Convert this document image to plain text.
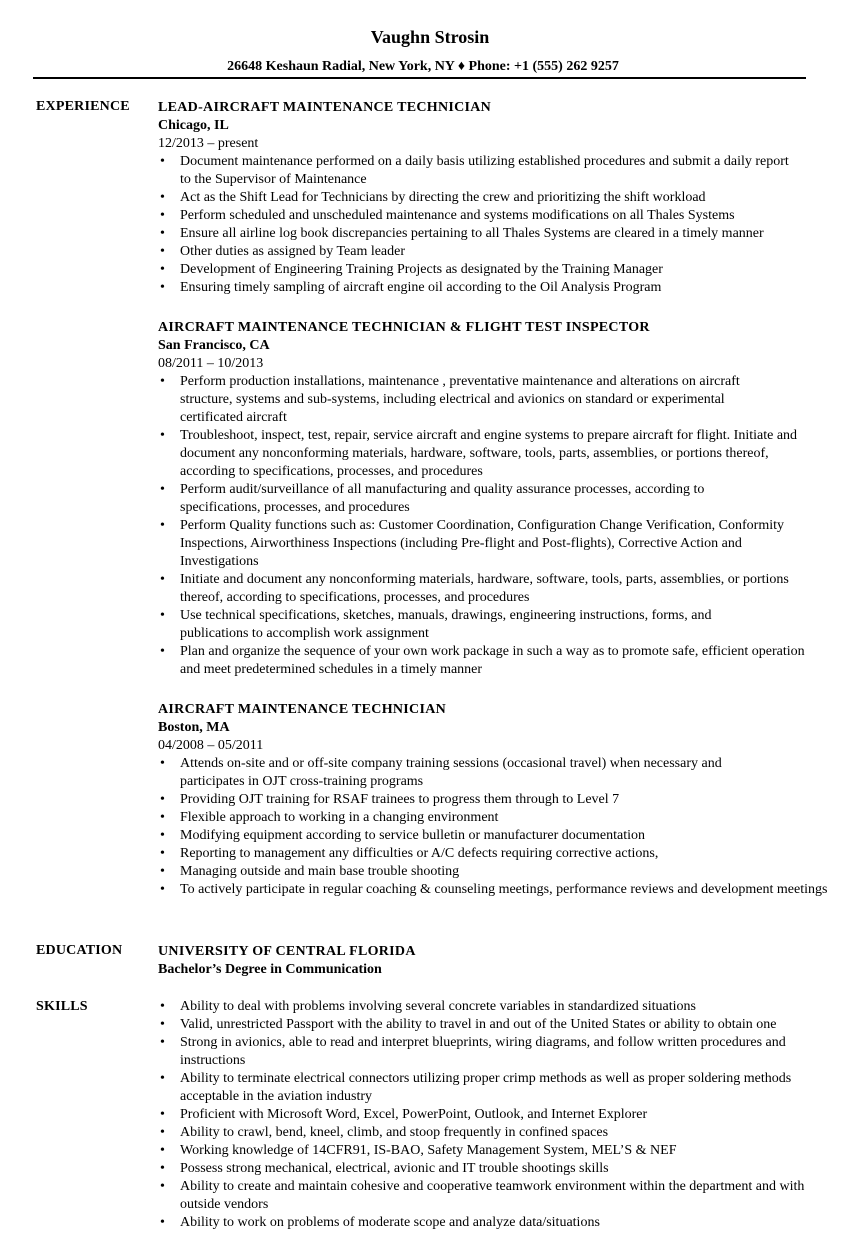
Vaughn Strosin
26648 Keshaun Radial, New York, NY ♦ Phone: +1 (555) 262 9257
EXPERIENCE LEAD-AIRCRAFT MAINTENANCE TECHNICIAN
Chicago, IL
12/2013 – present
• Document maintenance performed on a daily basis utilizing established procedures and submit a daily report to the Supervisor of Maintenance
• Act as the Shift Lead for Technicians by directing the crew and prioritizing the shift workload
• Perform scheduled and unscheduled maintenance and systems modifications on all Thales Systems
• Ensure all airline log book discrepancies pertaining to all Thales Systems are cleared in a timely manner
• Other duties as assigned by Team leader
• Development of Engineering Training Projects as designated by the Training Manager
• Ensuring timely sampling of aircraft engine oil according to the Oil Analysis Program
AIRCRAFT MAINTENANCE TECHNICIAN & FLIGHT TEST INSPECTOR
San Francisco, CA
08/2011 – 10/2013
• Perform production installations, maintenance , preventative maintenance and alterations on aircraft structure, systems and sub-systems, including electrical and avionics on standard or experimental certificated aircraft
• Troubleshoot, inspect, test, repair, service aircraft and engine systems to prepare aircraft for flight. Initiate and document any nonconforming materials, hardware, software, tools, parts, assemblies, or portions thereof, according to specifications, processes, and procedures
• Perform audit/surveillance of all manufacturing and quality assurance processes, according to specifications, processes, and procedures
• Perform Quality functions such as: Customer Coordination, Configuration Change Verification, Conformity Inspections, Airworthiness Inspections (including Pre-flight and Post-flights), Corrective Action and Investigations
• Initiate and document any nonconforming materials, hardware, software, tools, parts, assemblies, or portions thereof, according to specifications, processes, and procedures
• Use technical specifications, sketches, manuals, drawings, engineering instructions, forms, and publications to accomplish work assignment
• Plan and organize the sequence of your own work package in such a way as to promote safe, efficient operation and meet predetermined schedules in a timely manner
AIRCRAFT MAINTENANCE TECHNICIAN
Boston, MA
04/2008 – 05/2011
• Attends on-site and or off-site company training sessions (occasional travel) when necessary and participates in OJT cross-training programs
• Providing OJT training for RSAF trainees to progress them through to Level 7
• Flexible approach to working in a changing environment
• Modifying equipment according to service bulletin or manufacturer documentation
• Reporting to management any difficulties or A/C defects requiring corrective actions,
• Managing outside and main base trouble shooting
• To actively participate in regular coaching & counseling meetings, performance reviews and development meetings
EDUCATION	UNIVERSITY OF CENTRAL FLORIDA
Bachelor’s Degree in Communication
SKILLS
•	Ability to deal with problems involving several concrete variables in standardized situations
• Valid, unrestricted Passport with the ability to travel in and out of the United States or ability to obtain one
• Strong in avionics, able to read and interpret blueprints, wiring diagrams, and follow written procedures and instructions
• Ability to terminate electrical connectors utilizing proper crimp methods as well as proper soldering methods acceptable in the aviation industry
• Proficient with Microsoft Word, Excel, PowerPoint, Outlook, and Internet Explorer
• Ability to crawl, bend, kneel, climb, and stoop frequently in confined spaces
• Working knowledge of 14CFR91, IS-BAO, Safety Management System, MEL’S & NEF
• Possess strong mechanical, electrical, avionic and IT trouble shootings skills
• Ability to create and maintain cohesive and cooperative teamwork environment within the department and with outside vendors
• Ability to work on problems of moderate scope and analyze data/situations
